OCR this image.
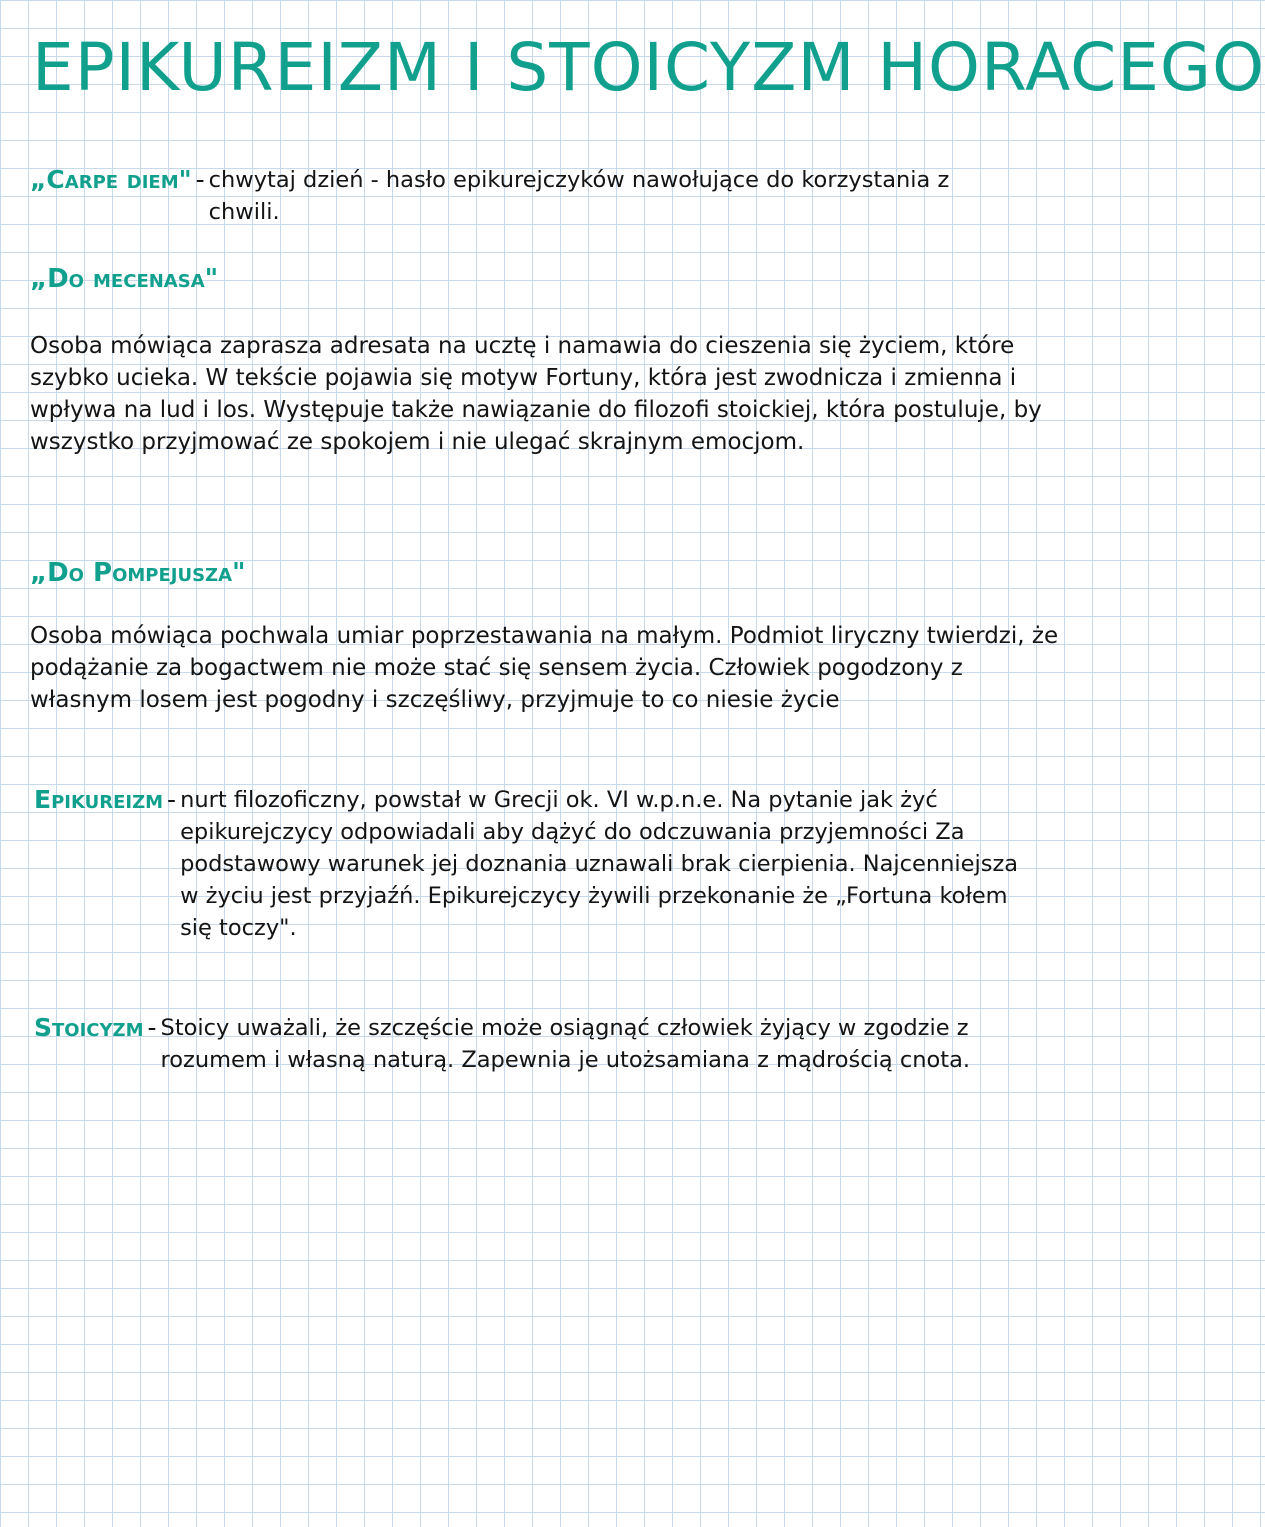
EPIKUREIZM I STOICYZM HORACEGO
„Carpe diem" - chwytaj dzień - hasło epikurejczyków nawołujące do korzystania z chwili.
„Do mecenasa"

Osoba mówiąca zaprasza adresata na ucztę i namawia do cieszenia się życiem, które szybko ucieka. W tekście pojawia się motyw Fortuny, która jest zwodnicza i zmienna i wpływa na lud i los. Występuje także nawiązanie do filozofi stoickiej, która postuluje, by wszystko przyjmować ze spokojem i nie ulegać skrajnym emocjom.

„Do Pompejusza"

Osoba mówiąca pochwala umiar poprzestawania na małym. Podmiot liryczny twierdzi, że podążanie za bogactwem nie może stać się sensem życia. Człowiek pogodzony z własnym losem jest pogodny i szczęśliwy, przyjmuje to co niesie życie

Epikureizm - nurt filozoficzny, powstał w Grecji ok. VI w.p.n.e. Na pytanie jak żyć epikurejczycy odpowiadali aby dążyć do odczuwania przyjemności Za podstawowy warunek jej doznania uznawali brak cierpienia. Najcenniejsza w życiu jest przyjaźń. Epikurejczycy żywili przekonanie że „Fortuna kołem się toczy".
Stoicyzm - Stoicy uważali, że szczęście może osiągnąć człowiek żyjący w zgodzie z rozumem i własną naturą. Zapewnia je utożsamiana z mądrością cnota.
